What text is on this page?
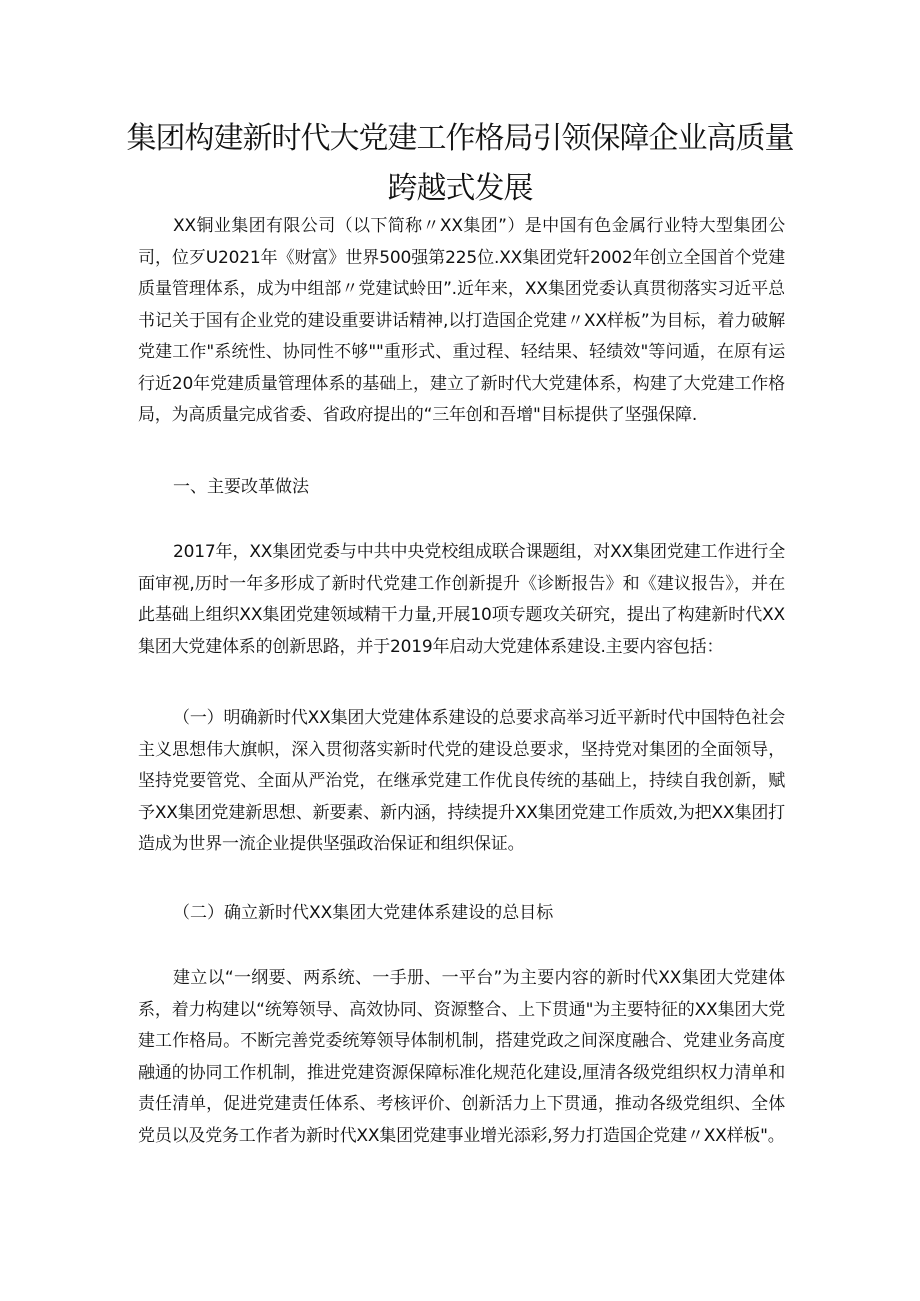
集团构建新时代大党建工作格局引领保障企业高质量跨越式发展

XX铜业集团有限公司（以下简称〃XX集团”）是中国有色金属行业特大型集团公司，位歹U2021年《财富》世界500强第225位.XX集团党轩2002年创立全国首个党建质量管理体系，成为中组部〃党建试蛉田”.近年来，XX集团党委认真贯彻落实习近平总书记关于国有企业党的建设重要讲话精神,以打造国企党建〃XX样板”为目标，着力破解党建工作"系统性、协同性不够""重形式、重过程、轻结果、轻绩效"等问遁，在原有运行近20年党建质量管理体系的基础上，建立了新时代大党建体系，构建了大党建工作格局，为高质量完成省委、省政府提出的“三年创和吾增"目标提供了坚强保障.

一、主要改革做法

2017年，XX集团党委与中共中央党校组成联合课题组，对XX集团党建工作进行全面审视,历时一年多形成了新时代党建工作创新提升《诊断报告》和《建议报告》，并在此基础上组织XX集团党建领域精干力量,开展10项专题攻关研究，提出了构建新时代XX集团大党建体系的创新思路，并于2019年启动大党建体系建设.主要内容包括：

（一）明确新时代XX集团大党建体系建设的总要求高举习近平新时代中国特色社会主义思想伟大旗帜，深入贯彻落实新时代党的建设总要求，坚持党对集团的全面领导，坚持党要管党、全面从严治党，在继承党建工作优良传统的基础上，持续自我创新，赋予XX集团党建新思想、新要素、新内涵，持续提升XX集团党建工作质效,为把XX集团打造成为世界一流企业提供坚强政治保证和组织保证。

（二）确立新时代XX集团大党建体系建设的总目标

建立以“一纲要、两系统、一手册、一平台”为主要内容的新时代XX集团大党建体系，着力构建以“统筹领导、高效协同、资源整合、上下贯通"为主要特征的XX集团大党建工作格局。不断完善党委统筹领导体制机制，搭建党政之间深度融合、党建业务高度融通的协同工作机制，推进党建资源保障标准化规范化建设,厘清各级党组织权力清单和责任清单，促进党建责任体系、考核评价、创新活力上下贯通，推动各级党组织、全体党员以及党务工作者为新时代XX集团党建事业增光添彩,努力打造国企党建〃XX样板"。
